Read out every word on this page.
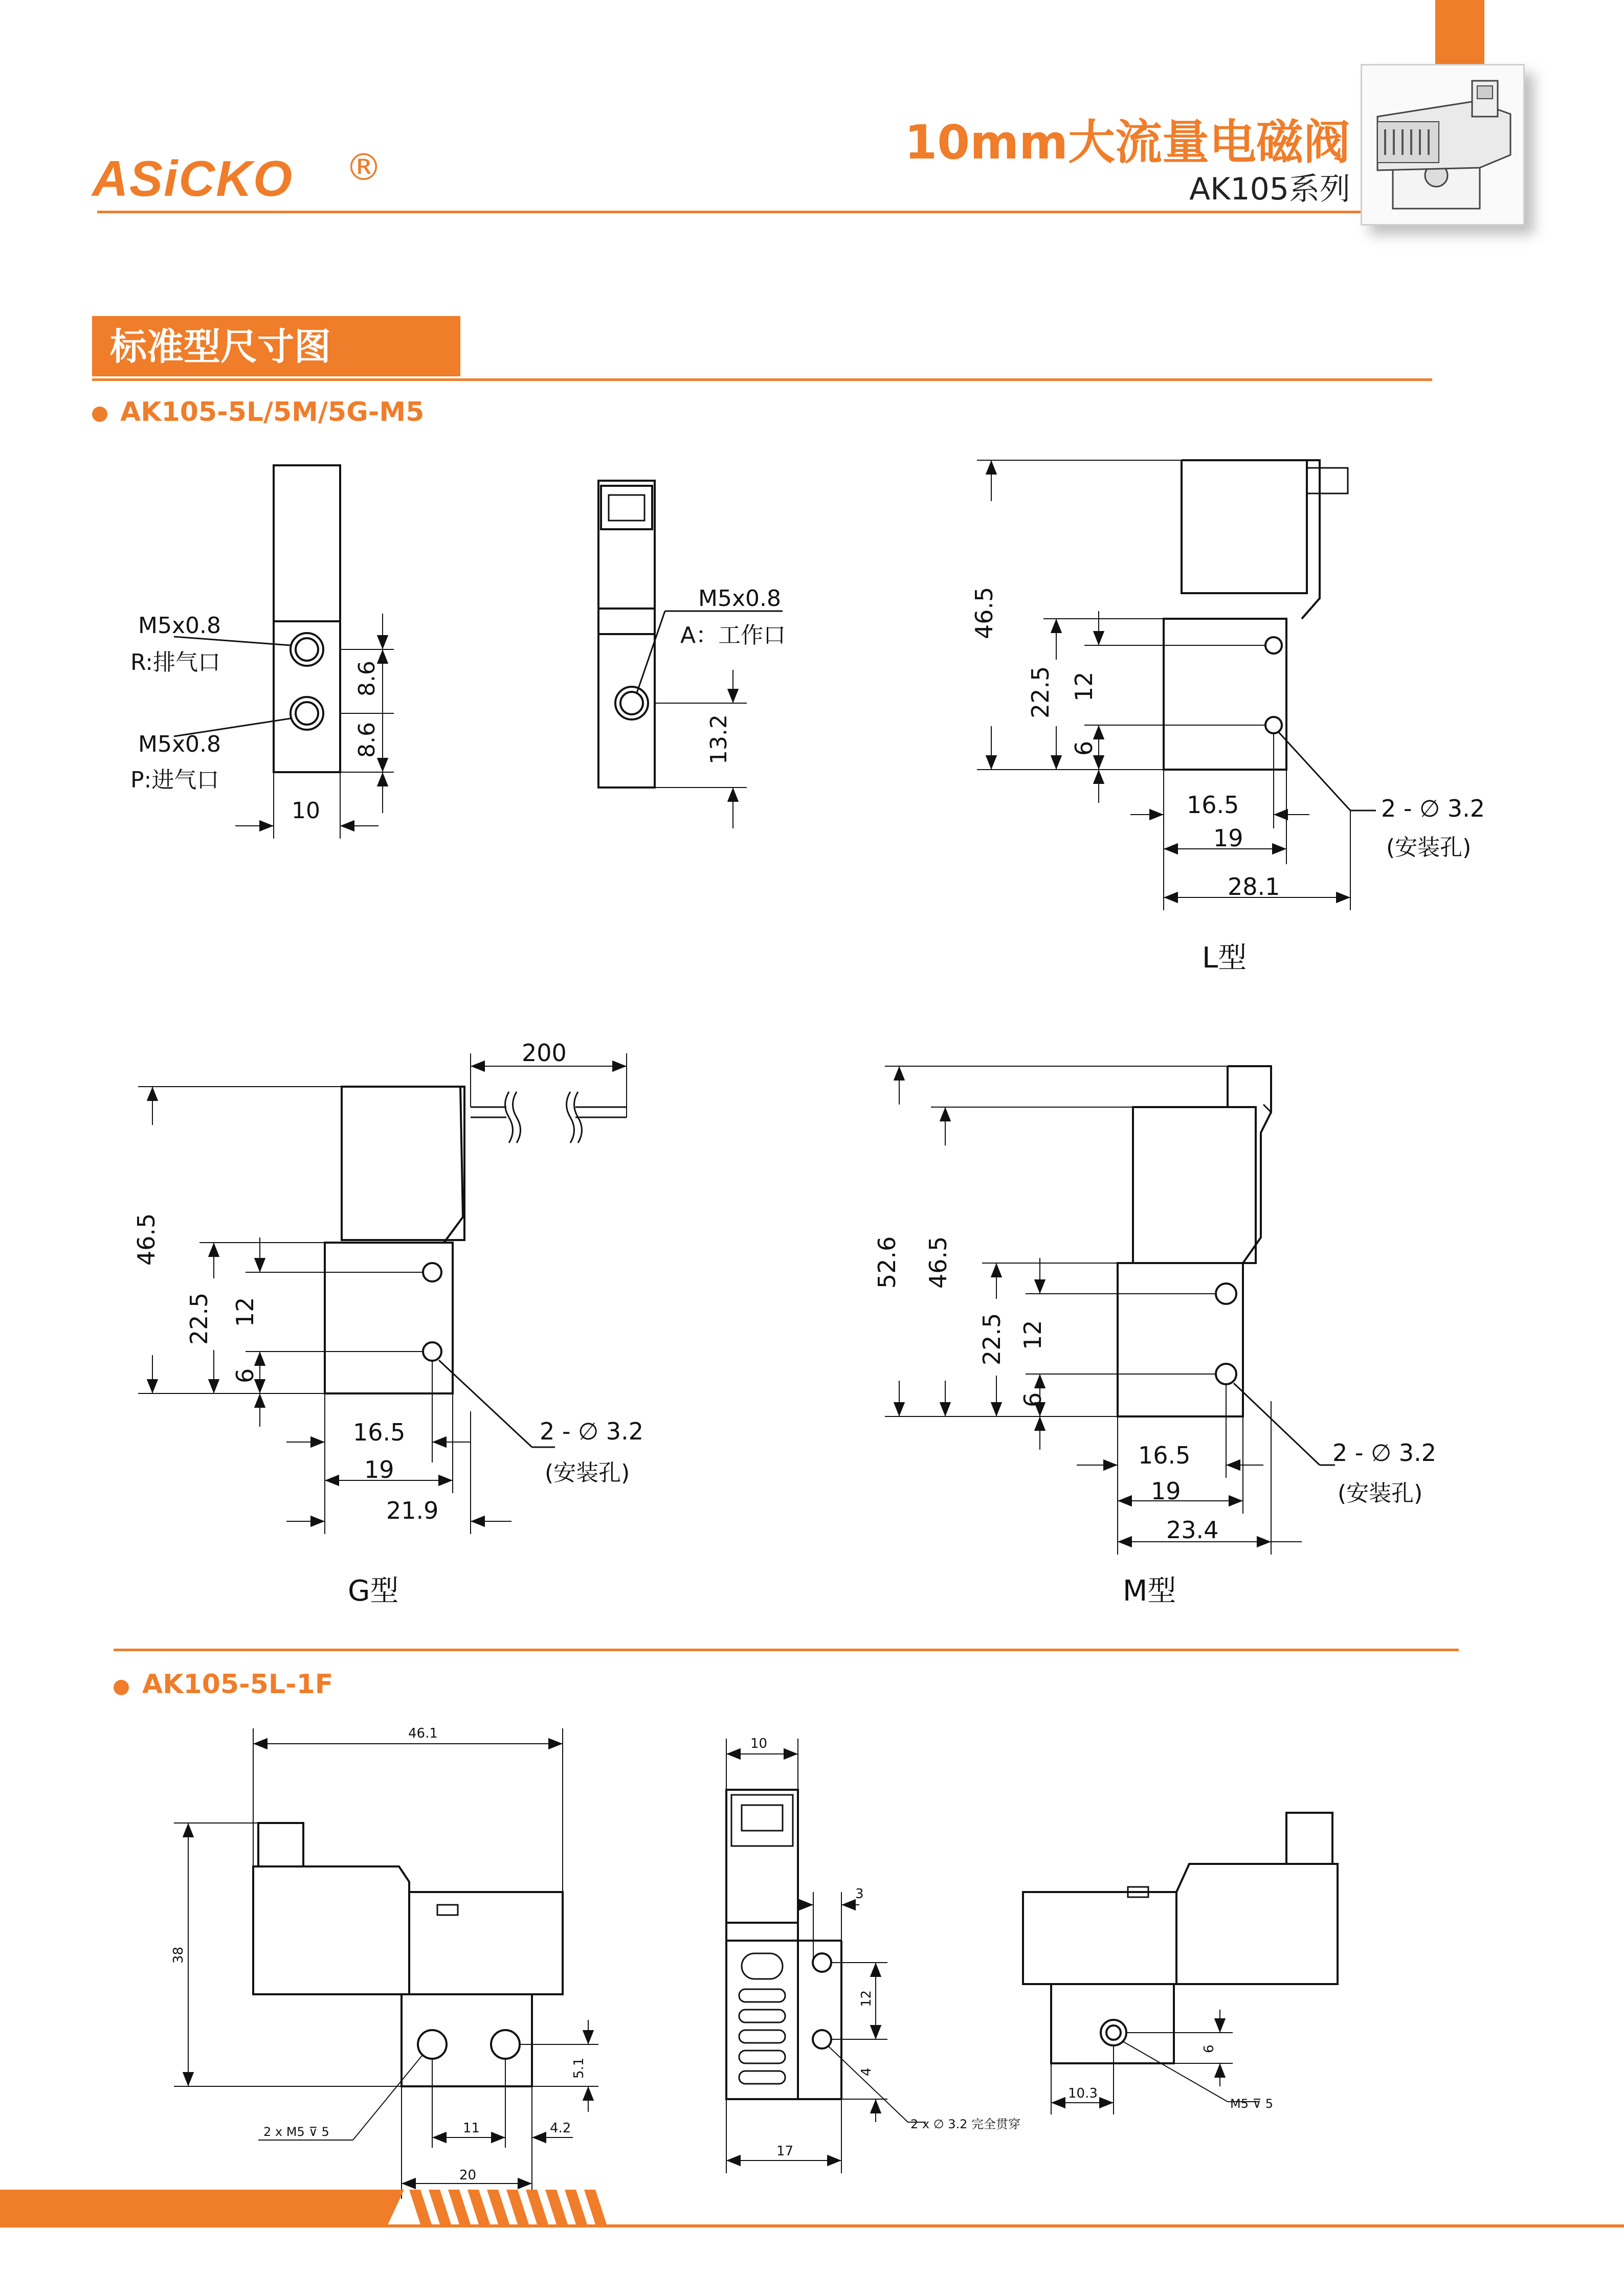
ASiCKO ®	10mm大流量电磁阀
AK105系列
标准型尺寸图
AK105-5L/5M/5G-M5
AK105-5L-1F
M5x0.8
R:排气口
M5x0.8
P:进气口
8.6
8.6
10
M5x0.8
A：工作口
13.2
46.5
22.5 12
6
16.5
19
28.1
2 - ∅ 3.2
(安装孔)
L型
200
46.5
22.5 12
6
16.5
19
21.9
2 - ∅ 3.2
(安装孔)
G型
52.6 46.5
22.5 12
6
16.5
19
23.4
2 - ∅ 3.2
(安装孔)
M型
46.1
38
5.1
11	4.2
20
2 x M5 ⊽ 5
10
3
12
4
17
2 x ∅ 3.2 完全贯穿
6
10.3
M5 ⊽ 5
